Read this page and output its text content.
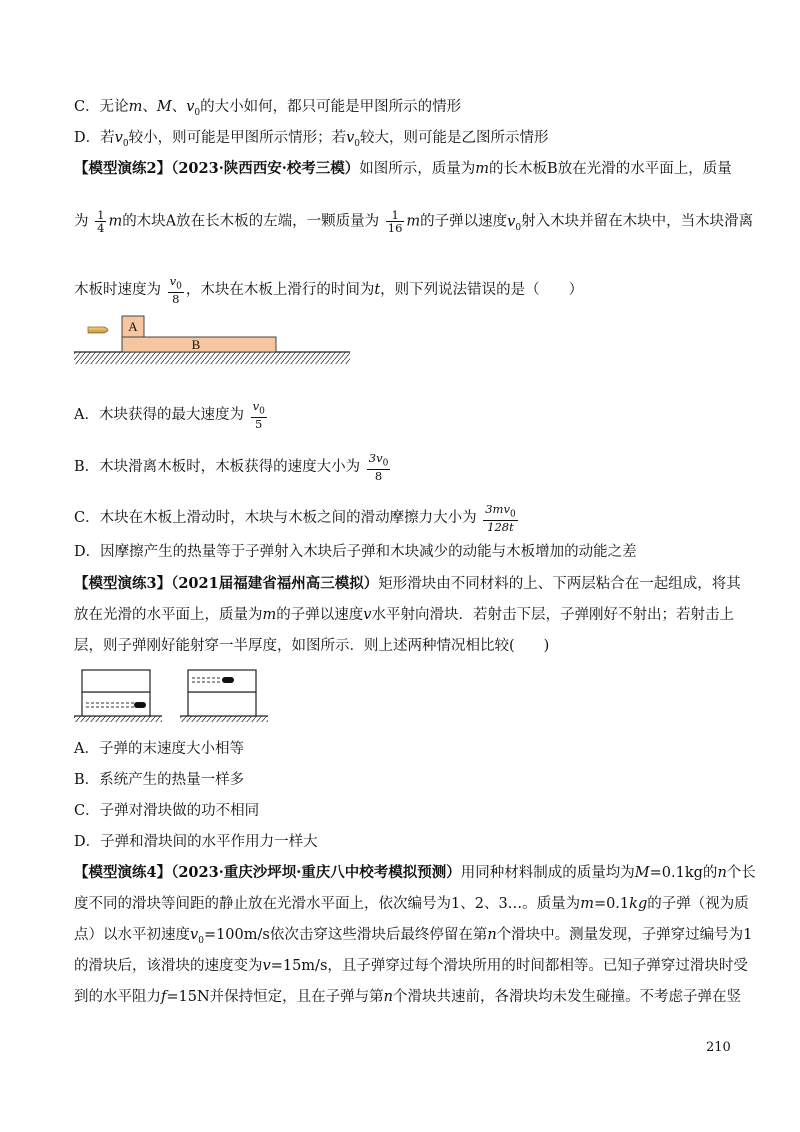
C．无论m、M、$v_0$的大小如何，都只可能是甲图所示的情形
D．若$v_0$较小，则可能是甲图所示情形；若$v_0$较大，则可能是乙图所示情形
【模型演练2】（2023·陕西西安·校考三模）如图所示，质量为m的长木板B放在光滑的水平面上，质量
为 $\frac{1}{4}$ m的木块A放在长木板的左端，一颗质量为 $\frac{1}{16}$ m的子弹以速度$v_0$射入木块并留在木块中，当木块滑离
木板时速度为 $\frac{v_0}{8}$ ，木块在木板上滑行的时间为t，则下列说法错误的是（　　）
B
A
A．木块获得的最大速度为 $\frac{v_0}{5}$
B．木块滑离木板时，木板获得的速度大小为 $\frac{3v_0}{8}$
C．木块在木板上滑动时，木块与木板之间的滑动摩擦力大小为 $\frac{3mv_0}{128t}$
D．因摩擦产生的热量等于子弹射入木块后子弹和木块减少的动能与木板增加的动能之差
【模型演练3】（2021届福建省福州高三模拟）矩形滑块由不同材料的上、下两层粘合在一起组成，将其
放在光滑的水平面上，质量为m的子弹以速度v水平射向滑块．若射击下层，子弹刚好不射出；若射击上
层，则子弹刚好能射穿一半厚度，如图所示．则上述两种情况相比较(　　)
A．子弹的末速度大小相等
B．系统产生的热量一样多
C．子弹对滑块做的功不相同
D．子弹和滑块间的水平作用力一样大
【模型演练4】（2023·重庆沙坪坝·重庆八中校考模拟预测）用同种材料制成的质量均为M=0.1kg的n个长
度不同的滑块等间距的静止放在光滑水平面上，依次编号为1、2、3…。质量为m=0.1kg的子弹（视为质
点）以水平初速度$v_0=100m/s$依次击穿这些滑块后最终停留在第n个滑块中。测量发现，子弹穿过编号为1
的滑块后，该滑块的速度变为v=15m/s，且子弹穿过每个滑块所用的时间都相等。已知子弹穿过滑块时受
到的水平阻力f=15N并保持恒定，且在子弹与第n个滑块共速前，各滑块均未发生碰撞。不考虑子弹在竖
210
